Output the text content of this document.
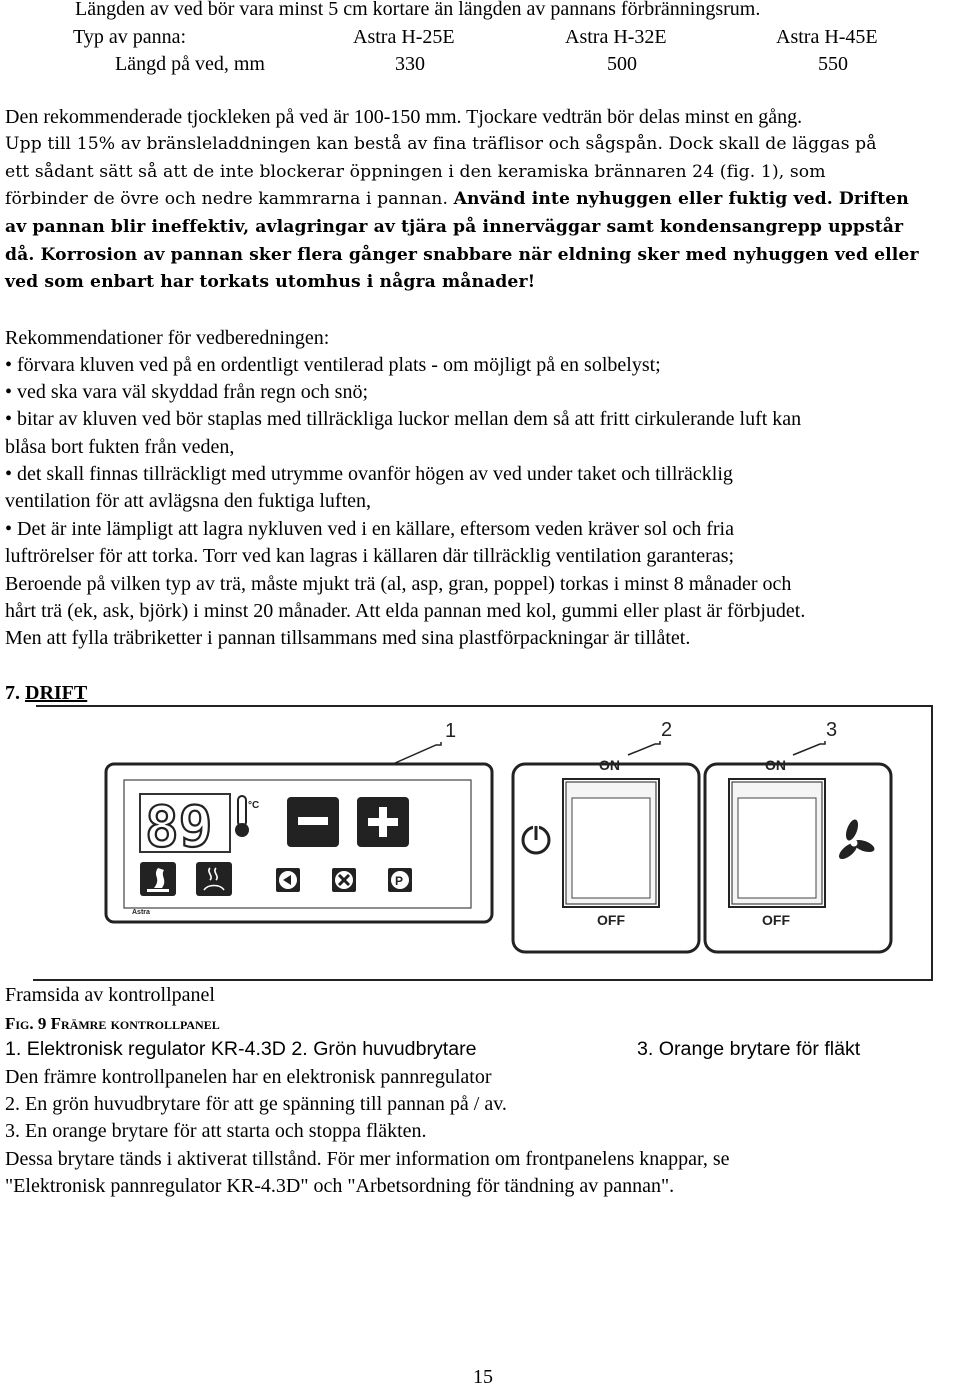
Längden av ved bör vara minst 5 cm kortare än längden av pannans förbränningsrum.
Typ av panna:	Astra H-25E	Astra H-32E	Astra H-45E
Längd på ved, mm	330	500	550
Den rekommenderade tjockleken på ved är 100-150 mm. Tjockare vedträn bör delas minst en gång.
Upp till 15% av bränsleladdningen kan bestå av fina träflisor och sågspån. Dock skall de läggas på
ett sådant sätt så att de inte blockerar öppningen i den keramiska brännaren 24 (fig. 1), som
förbinder de övre och nedre kammrarna i pannan. Använd inte nyhuggen eller fuktig ved. Driften
av pannan blir ineffektiv, avlagringar av tjära på innerväggar samt kondensangrepp uppstår
då. Korrosion av pannan sker flera gånger snabbare när eldning sker med nyhuggen ved eller
ved som enbart har torkats utomhus i några månader!
Rekommendationer för vedberedningen:
• förvara kluven ved på en ordentligt ventilerad plats - om möjligt på en solbelyst;
• ved ska vara väl skyddad från regn och snö;
• bitar av kluven ved bör staplas med tillräckliga luckor mellan dem så att fritt cirkulerande luft kan
blåsa bort fukten från veden,
• det skall finnas tillräckligt med utrymme ovanför högen av ved under taket och tillräcklig
ventilation för att avlägsna den fuktiga luften,
• Det är inte lämpligt att lagra nykluven ved i en källare, eftersom veden kräver sol och fria
luftrörelser för att torka. Torr ved kan lagras i källaren där tillräcklig ventilation garanteras;
Beroende på vilken typ av trä, måste mjukt trä (al, asp, gran, poppel) torkas i minst 8 månader och
hårt trä (ek, ask, björk) i minst 20 månader. Att elda pannan med kol, gummi eller plast är förbjudet.
Men att fylla träbriketter i pannan tillsammans med sina plastförpackningar är tillåtet.
7. DRIFT
1	2	3
89	°C
P
Astra
ON
OFF
ON
OFF
Framsida av kontrollpanel
Fig. 9 Främre kontrollpanel
1. Elektronisk regulator KR-4.3D 2. Grön huvudbrytare	3. Orange brytare för fläkt
Den främre kontrollpanelen har en elektronisk pannregulator
2. En grön huvudbrytare för att ge spänning till pannan på / av.
3. En orange brytare för att starta och stoppa fläkten.
Dessa brytare tänds i aktiverat tillstånd. För mer information om frontpanelens knappar, se
"Elektronisk pannregulator KR-4.3D" och "Arbetsordning för tändning av pannan".
15
